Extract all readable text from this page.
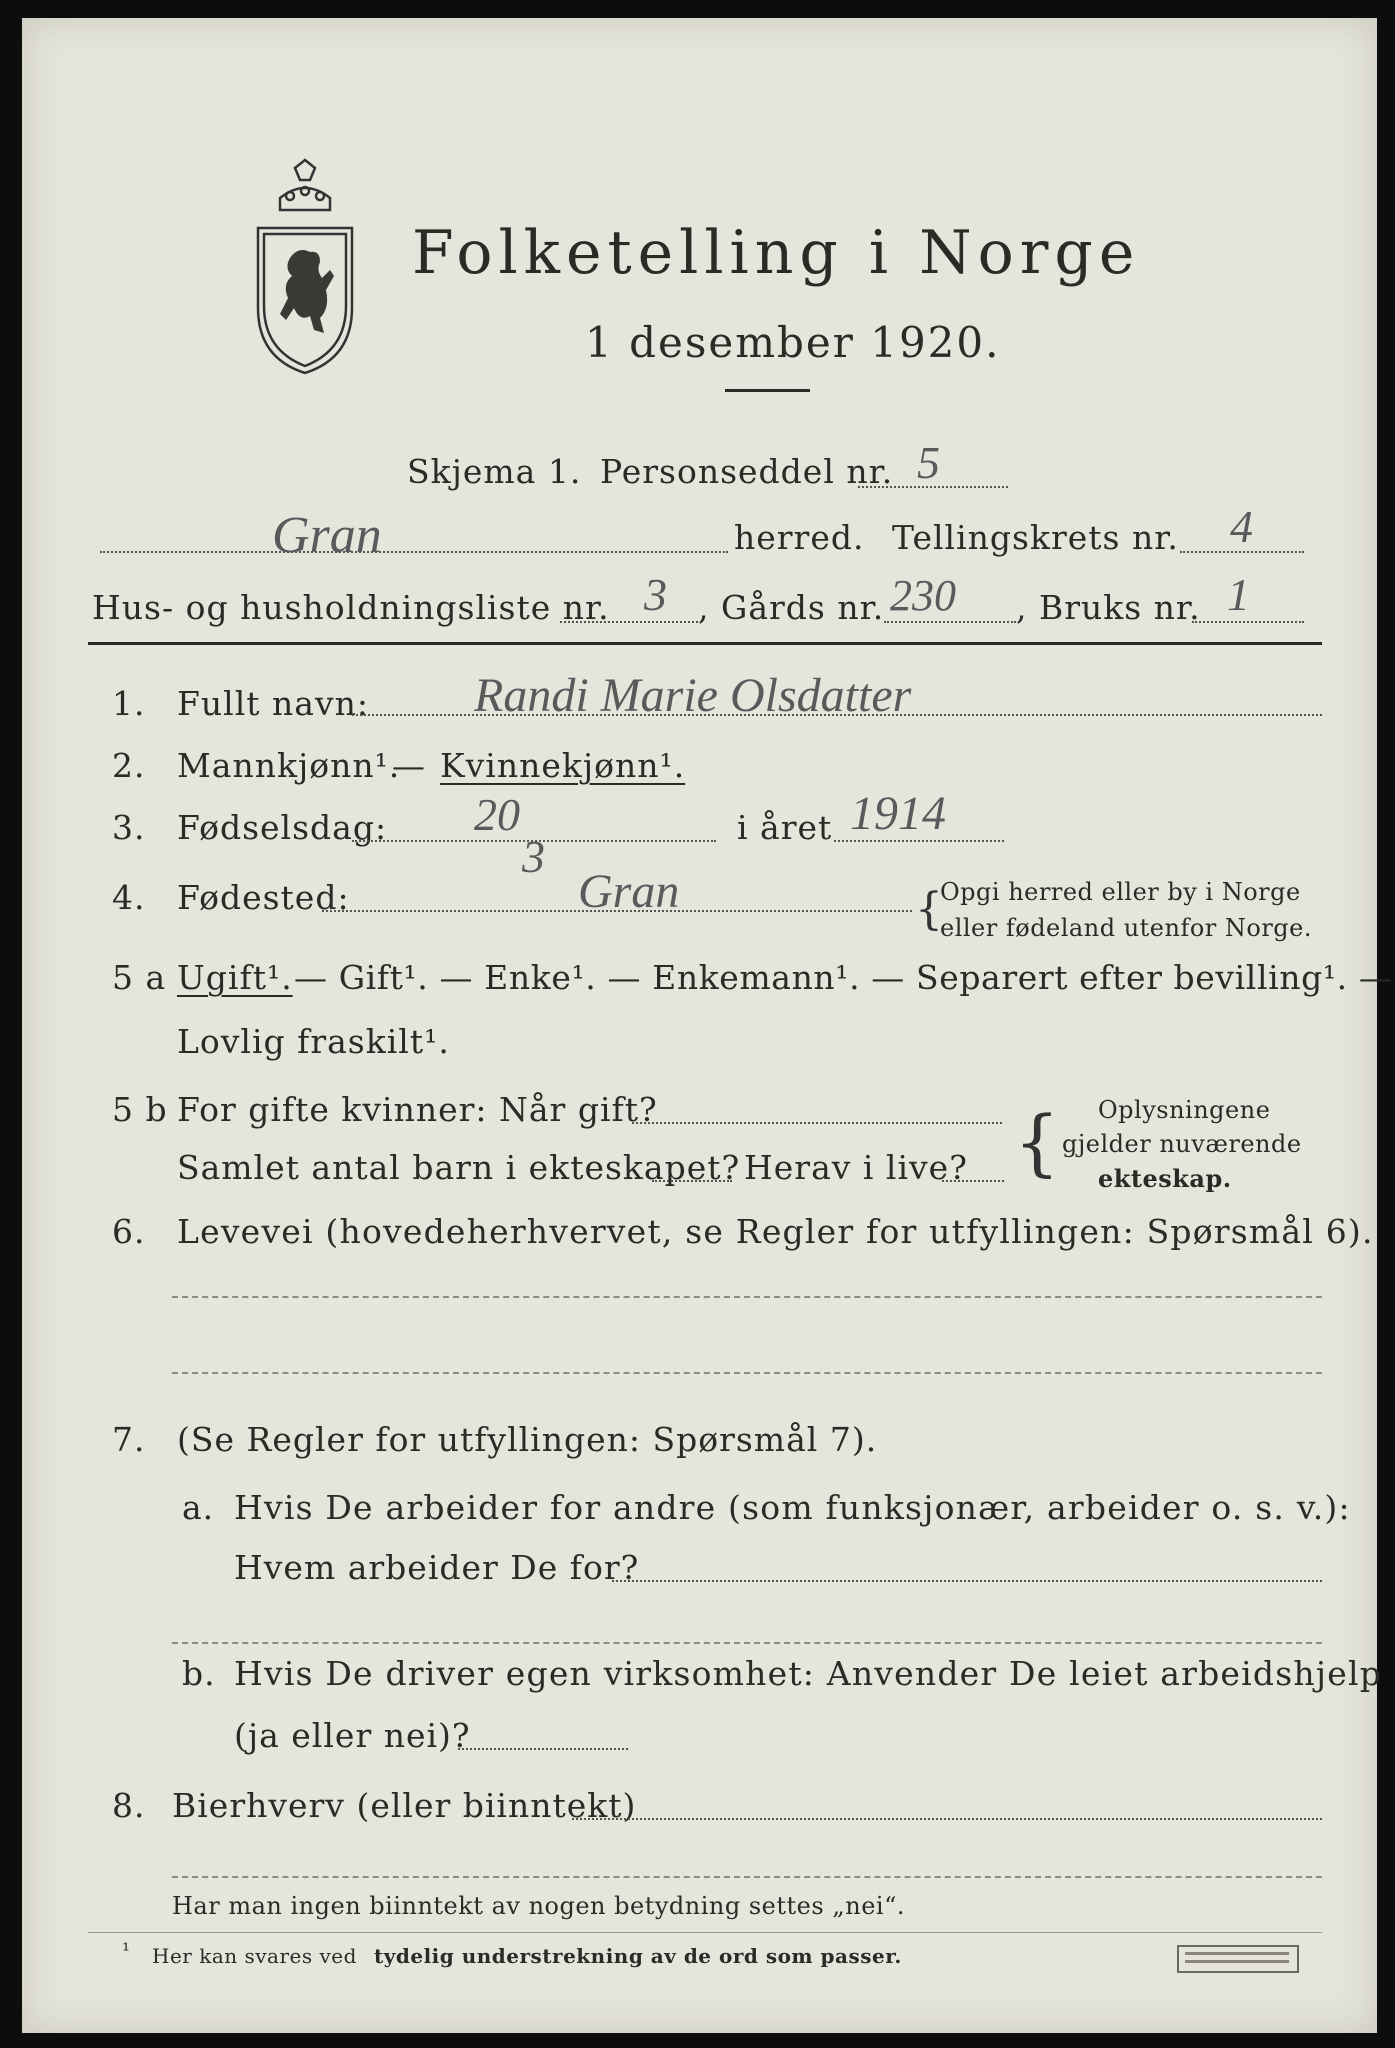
Folketelling i Norge
1 desember 1920.
Skjema 1. Personseddel nr. 5
Gran	herred. Tellingskrets nr. 4
Hus- og husholdningsliste nr. 3 , Gårds nr. 230 , Bruks nr. 1
1. Fullt navn: Randi Marie Olsdatter
2. Mannkjønn¹.
— Kvinnekjønn¹.
3. Fødselsdag: 20
3
i året 1914
4. Fødested:	Gran	{
Opgi herred eller by i Norge
eller fødeland utenfor Norge.
5 a Ugift¹. — Gift¹. — Enke¹. — Enkemann¹. — Separert efter bevilling¹. —
Lovlig fraskilt¹.
5 b For gifte kvinner: Når gift?
Samlet antal barn i ekteskapet? Herav i live? { Oplysningene
gjelder nuværende
ekteskap.
6. Levevei (hovedeherhvervet, se Regler for utfyllingen: Spørsmål 6).
7. (Se Regler for utfyllingen: Spørsmål 7).
a. Hvis De arbeider for andre (som funksjonær, arbeider o. s. v.):
Hvem arbeider De for?
b. Hvis De driver egen virksomhet: Anvender De leiet arbeidshjelp
(ja eller nei)?
8. Bierhverv (eller biinntekt)
Har man ingen biinntekt av nogen betydning settes „nei“.
¹ Her kan svares ved tydelig understrekning av de ord som passer.
